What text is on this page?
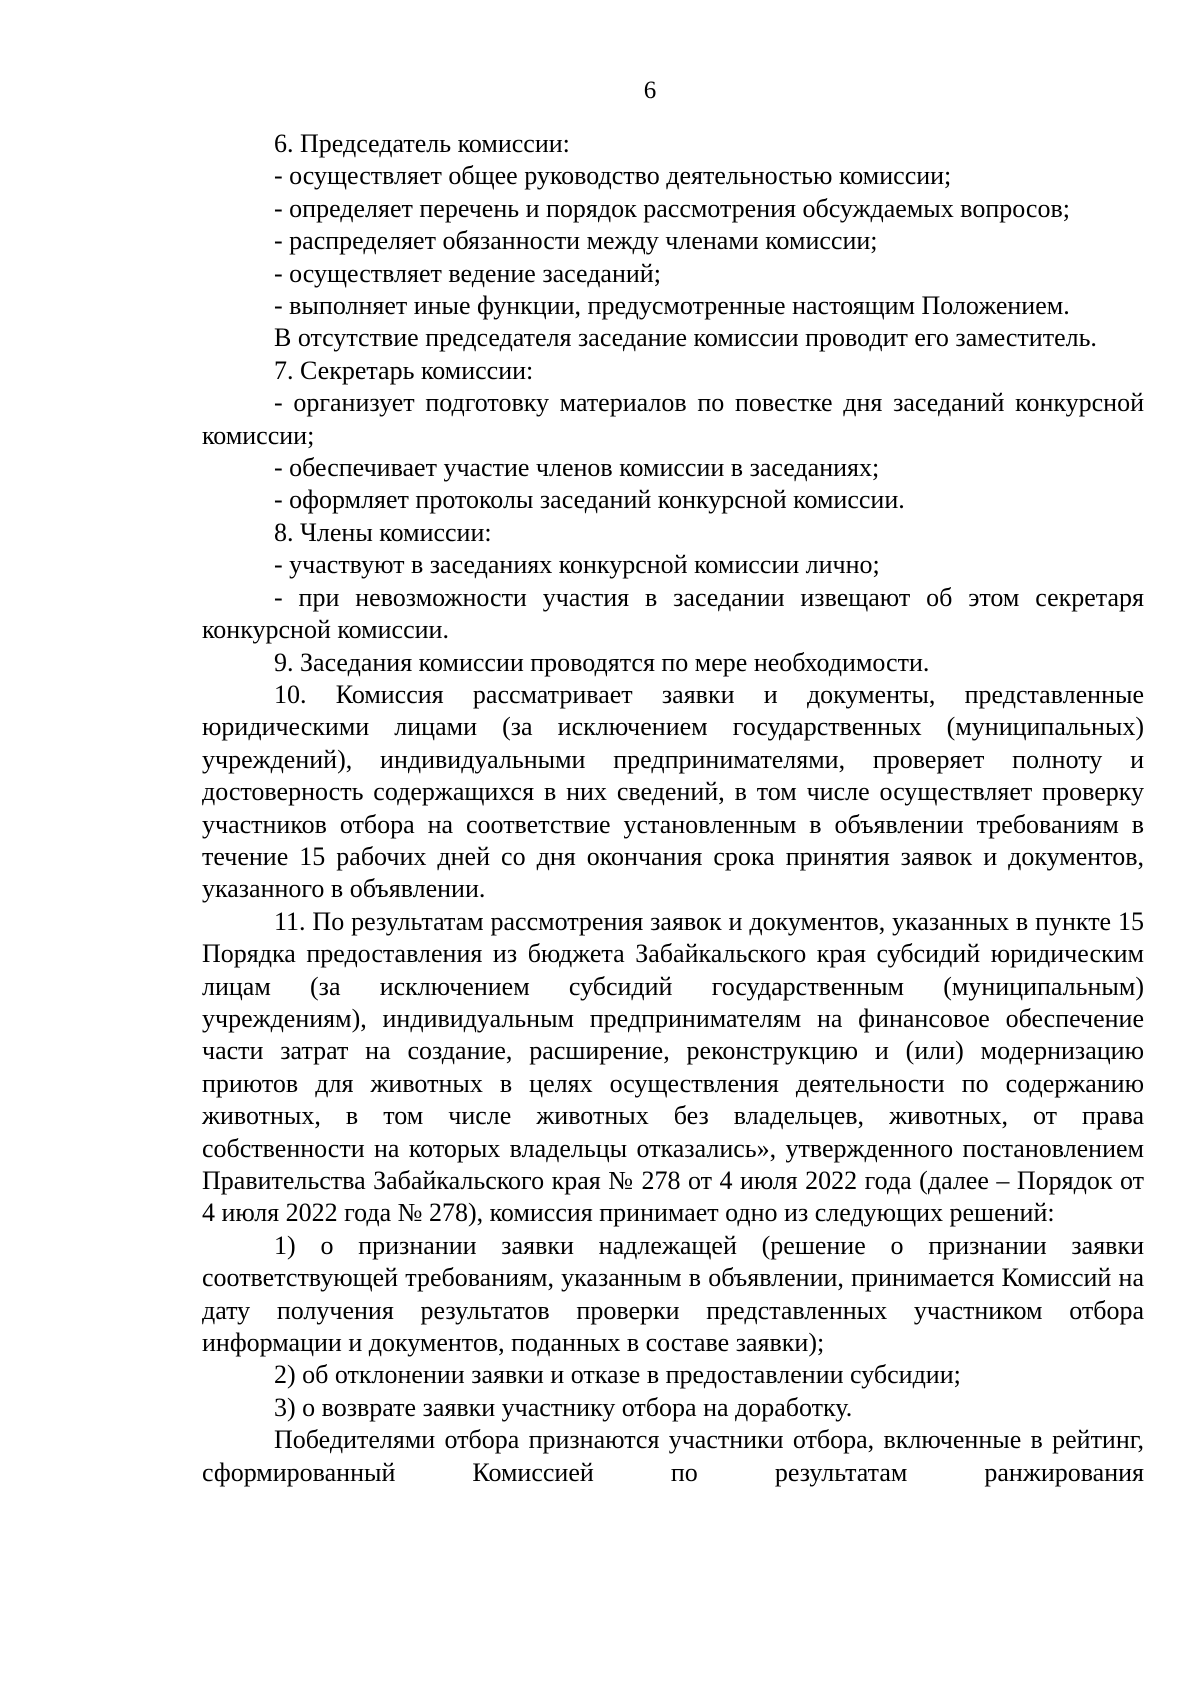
6

6. Председатель комиссии:

- осуществляет общее руководство деятельностью комиссии;

- определяет перечень и порядок рассмотрения обсуждаемых вопросов;

- распределяет обязанности между членами комиссии;

- осуществляет ведение заседаний;

- выполняет иные функции, предусмотренные настоящим Положением.

В отсутствие председателя заседание комиссии проводит его заместитель.

7. Секретарь комиссии:

- организует подготовку материалов по повестке дня заседаний конкурсной комиссии;

- обеспечивает участие членов комиссии в заседаниях;

- оформляет протоколы заседаний конкурсной комиссии.

8. Члены комиссии:

- участвуют в заседаниях конкурсной комиссии лично;

- при невозможности участия в заседании извещают об этом секретаря конкурсной комиссии.

9. Заседания комиссии проводятся по мере необходимости.

10. Комиссия рассматривает заявки и документы, представленные юридическими лицами (за исключением государственных (муниципальных) учреждений), индивидуальными предпринимателями, проверяет полноту и достоверность содержащихся в них сведений, в том числе осуществляет проверку участников отбора на соответствие установленным в объявлении требованиям в течение 15 рабочих дней со дня окончания срока принятия заявок и документов, указанного в объявлении.

11. По результатам рассмотрения заявок и документов, указанных в пункте 15 Порядка предоставления из бюджета Забайкальского края субсидий юридическим лицам (за исключением субсидий государственным (муниципальным) учреждениям), индивидуальным предпринимателям на финансовое обеспечение части затрат на создание, расширение, реконструкцию и (или) модернизацию приютов для животных в целях осуществления деятельности по содержанию животных, в том числе животных без владельцев, животных, от права собственности на которых владельцы отказались», утвержденного постановлением Правительства Забайкальского края № 278 от 4 июля 2022 года (далее – Порядок от 4 июля 2022 года № 278), комиссия принимает одно из следующих решений:

1) о признании заявки надлежащей (решение о признании заявки соответствующей требованиям, указанным в объявлении, принимается Комиссий на дату получения результатов проверки представленных участником отбора информации и документов, поданных в составе заявки);

2) об отклонении заявки и отказе в предоставлении субсидии;

3) о возврате заявки участнику отбора на доработку.

Победителями отбора признаются участники отбора, включенные в рейтинг, сформированный Комиссией по результатам ранжирования
